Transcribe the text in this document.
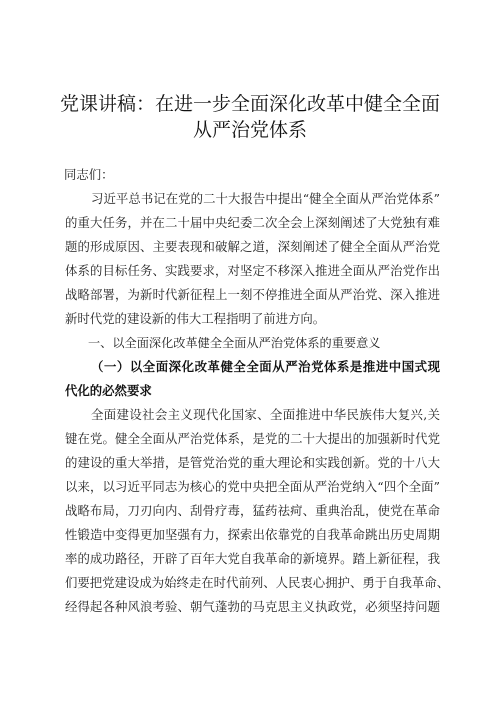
党课讲稿：在进一步全面深化改革中健全全面
从严治党体系
同志们：
习近平总书记在党的二十大报告中提出“健全全面从严治党体系”
的重大任务，并在二十届中央纪委二次全会上深刻阐述了大党独有难
题的形成原因、主要表现和破解之道，深刻阐述了健全全面从严治党
体系的目标任务、实践要求，对坚定不移深入推进全面从严治党作出
战略部署，为新时代新征程上一刻不停推进全面从严治党、深入推进
新时代党的建设新的伟大工程指明了前进方向。
一、以全面深化改革健全全面从严治党体系的重要意义
（一）以全面深化改革健全全面从严治党体系是推进中国式现
代化的必然要求
全面建设社会主义现代化国家、全面推进中华民族伟大复兴,关
键在党。健全全面从严治党体系，是党的二十大提出的加强新时代党
的建设的重大举措，是管党治党的重大理论和实践创新。党的十八大
以来，以习近平同志为核心的党中央把全面从严治党纳入“四个全面”
战略布局，刀刃向内、刮骨疗毒，猛药祛疴、重典治乱，使党在革命
性锻造中变得更加坚强有力，探索出依靠党的自我革命跳出历史周期
率的成功路径，开辟了百年大党自我革命的新境界。踏上新征程，我
们要把党建设成为始终走在时代前列、人民衷心拥护、勇于自我革命、
经得起各种风浪考验、朝气蓬勃的马克思主义执政党，必须坚持问题
